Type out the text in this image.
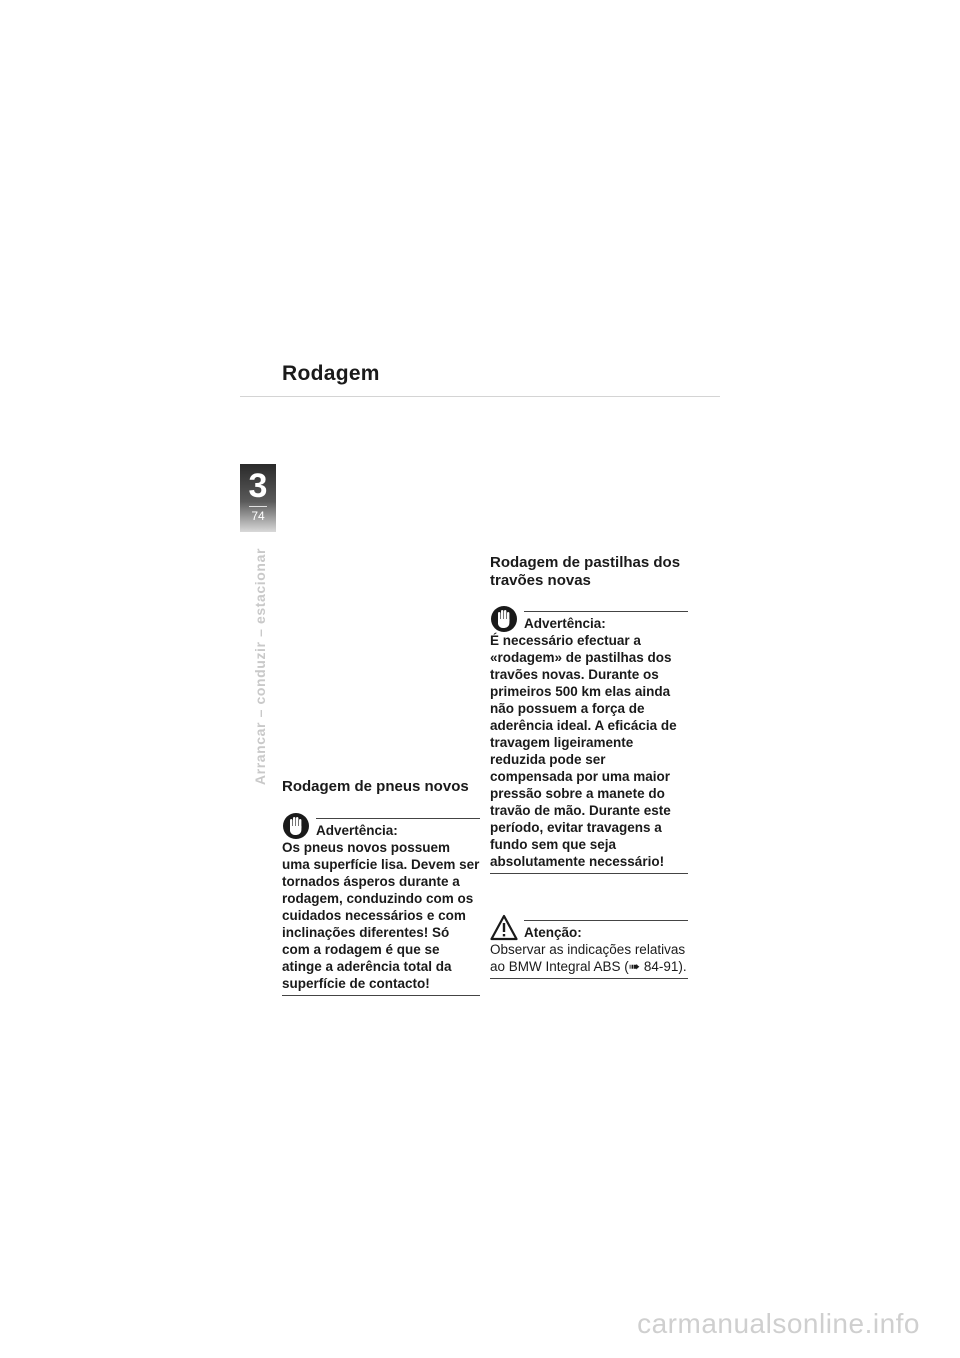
Rodagem
3
74
Arrancar – conduzir – estacionar
Rodagem de pneus novos
Advertência:

Os pneus novos possuem uma superfície lisa. Devem ser tornados ásperos durante a rodagem, conduzindo com os cuidados necessários e com inclinações diferentes! Só com a rodagem é que se atinge a aderência total da superfície de contacto!

Rodagem de pastilhas dos travões novas
Advertência:

É necessário efectuar a «rodagem» de pastilhas dos travões novas. Durante os primeiros 500 km elas ainda não possuem a força de aderência ideal. A eficácia de travagem ligeiramente reduzida pode ser compensada por uma maior pressão sobre a manete do travão de mão. Durante este período, evitar travagens a fundo sem que seja absolutamente necessário!

Atenção:

Observar as indicações relativas ao BMW Integral ABS (➠ 84-91).

carmanualsonline.info
